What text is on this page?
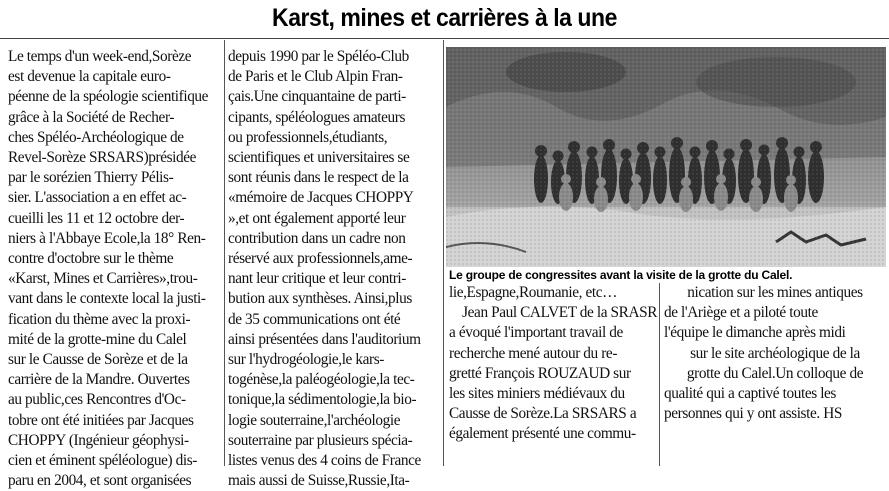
Karst, mines et carrières à la une
Le temps d'un week-end,Sorèze
est devenue la capitale euro-
péenne de la spéologie scientifique
grâce à la Société de Recher-
ches Spéléo-Archéologique de
Revel-Sorèze SRSARS)présidée
par le sorézien Thierry Pélis-
sier. L'association a en effet ac-
cueilli les 11 et 12 octobre der-
niers à l'Abbaye Ecole,la 18° Ren-
contre d'octobre sur le thème
«Karst, Mines et Carrières»,trou-
vant dans le contexte local la justi-
fication du thème avec la proxi-
mité de la grotte-mine du Calel
sur le Causse de Sorèze et de la
carrière de la Mandre. Ouvertes
au public,ces Rencontres d'Oc-
tobre ont été initiées par Jacques
CHOPPY (Ingénieur géophysi-
cien et éminent spéléologue) dis-
paru en 2004, et sont organisées
depuis 1990 par le Spéléo-Club
de Paris et le Club Alpin Fran-
çais.Une cinquantaine de parti-
cipants, spéléologues amateurs
ou professionnels,étudiants,
scientifiques et universitaires se
sont réunis dans le respect de la
«mémoire de Jacques CHOPPY
»,et ont également apporté leur
contribution dans un cadre non
réservé aux professionnels,ame-
nant leur critique et leur contri-
bution aux synthèses. Ainsi,plus
de 35 communications ont été
ainsi présentées dans l'auditorium
sur l'hydrogéologie,le kars-
togénèse,la paléogéologie,la tec-
tonique,la sédimentologie,la bio-
logie souterraine,l'archéologie
souterraine par plusieurs spécia-
listes venus des 4 coins de France
mais aussi de Suisse,Russie,Ita-
Le groupe de congressites avant la visite de la grotte du Calel.
lie,Espagne,Roumanie, etc…
Jean Paul CALVET de la SRASR
a évoqué l'important travail de
recherche mené autour du re-
gretté François ROUZAUD sur
les sites miniers médiévaux du
Causse de Sorèze.La SRSARS a
également présenté une commu-
nication sur les mines antiques
de l'Ariège et a piloté toute
l'équipe le dimanche après midi
sur le site archéologique de la
grotte du Calel.Un colloque de
qualité qui a captivé toutes les
personnes qui y ont assiste. HS
